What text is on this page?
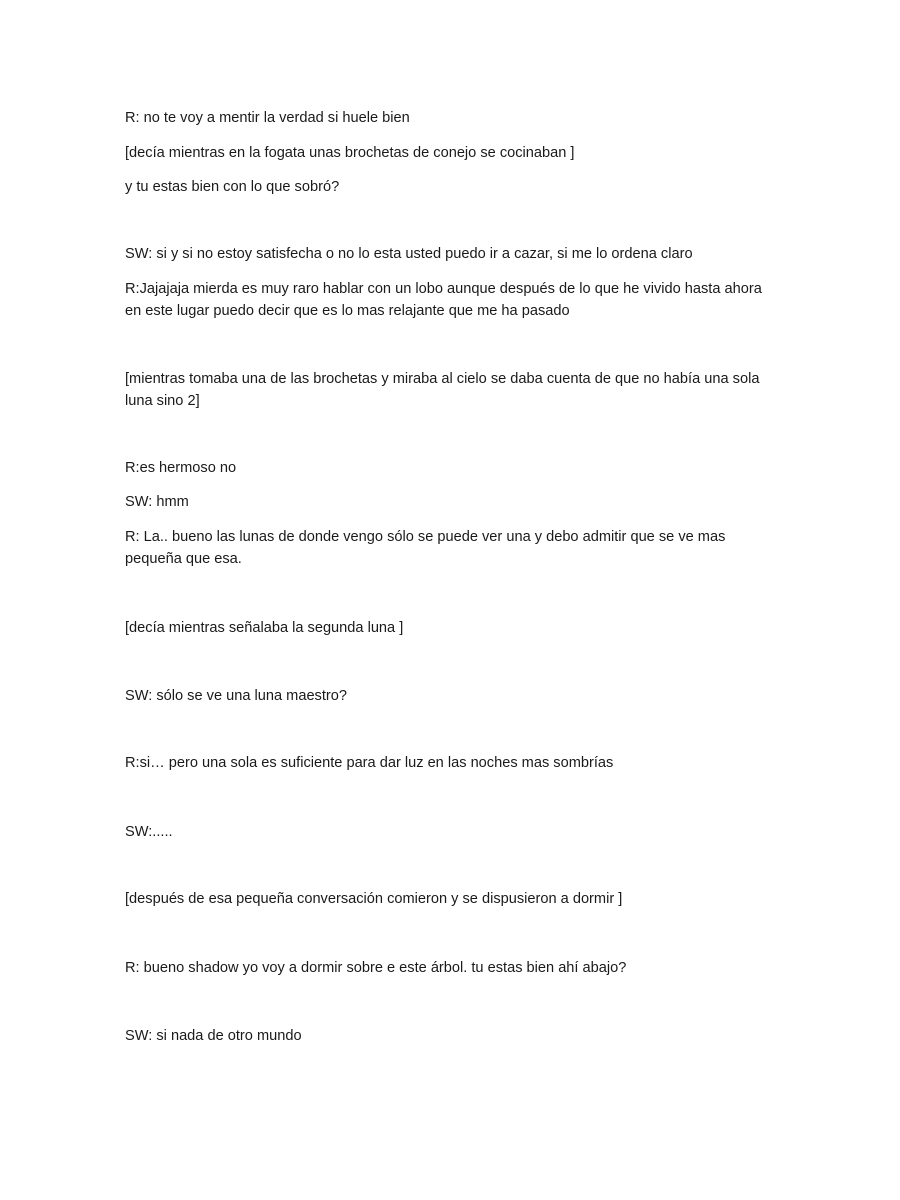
R: no te voy a mentir la verdad si huele bien
[decía mientras en la fogata unas brochetas de conejo se cocinaban ]
y tu estas bien con lo que sobró?
SW: si y si no estoy satisfecha o no lo esta usted puedo ir a cazar, si me lo ordena claro
R:Jajajaja mierda es muy raro hablar con un lobo aunque después de lo que he vivido hasta ahora
en este lugar puedo decir que es lo mas relajante que me ha pasado
[mientras tomaba una de las brochetas y miraba al cielo se daba cuenta de que no había una sola
luna sino 2]
R:es hermoso no
SW: hmm
R: La.. bueno las lunas de donde vengo sólo se puede ver una y debo admitir que se ve mas
pequeña que esa.
[decía mientras señalaba la segunda luna ]
SW: sólo se ve una luna maestro?
R:si… pero una sola es suficiente para dar luz en las noches mas sombrías
SW:.....
[después de esa pequeña conversación comieron y se dispusieron a dormir ]
R: bueno shadow yo voy a dormir sobre e este árbol. tu estas bien ahí abajo?
SW: si nada de otro mundo
